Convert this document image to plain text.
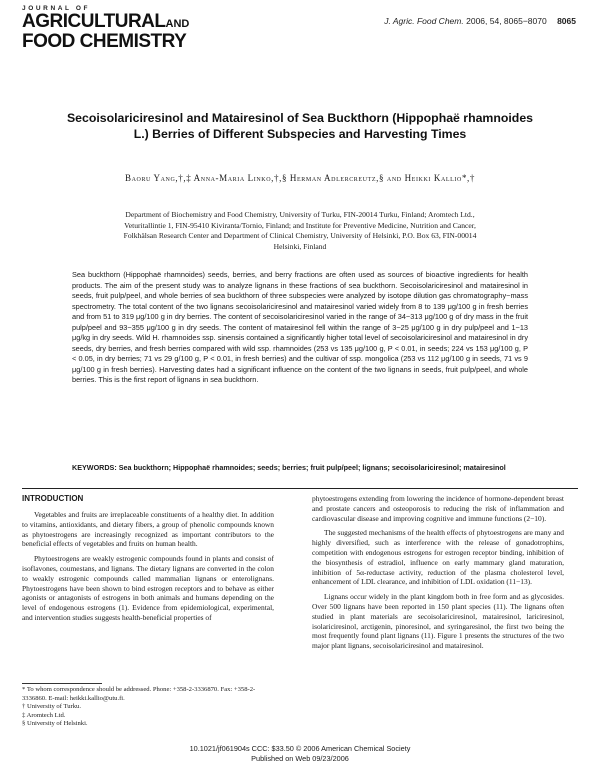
JOURNAL OF
AGRICULTURALAND
FOOD CHEMISTRY
J. Agric. Food Chem. 2006, 54, 8065−8070 8065
Secoisolariciresinol and Matairesinol of Sea Buckthorn (Hippophaë rhamnoides L.) Berries of Different Subspecies and Harvesting Times
Baoru Yang,†,‡ Anna-Maria Linko,†,§ Herman Adlercreutz,§ and Heikki Kallio*,†
Department of Biochemistry and Food Chemistry, University of Turku, FIN-20014 Turku, Finland; Aromtech Ltd., Veturitallintie 1, FIN-95410 Kiviranta/Tornio, Finland; and Institute for Preventive Medicine, Nutrition and Cancer, Folkhälsan Research Center and Department of Clinical Chemistry, University of Helsinki, P.O. Box 63, FIN-00014 Helsinki, Finland
Sea buckthorn (Hippophaë rhamnoides) seeds, berries, and berry fractions are often used as sources of bioactive ingredients for health products. The aim of the present study was to analyze lignans in these fractions of sea buckthorn. Secoisolariciresinol and matairesinol in seeds, fruit pulp/peel, and whole berries of sea buckthorn of three subspecies were analyzed by isotope dilution gas chromatography−mass spectrometry. The total content of the two lignans secoisolariciresinol and matairesinol varied widely from 8 to 139 μg/100 g in fresh berries and from 51 to 319 μg/100 g in dry berries. The content of secoisolariciresinol varied in the range of 34−313 μg/100 g of dry mass in the fruit pulp/peel and 93−355 μg/100 g in dry seeds. The content of matairesinol fell within the range of 3−25 μg/100 g in dry pulp/peel and 1−13 μg/kg in dry seeds. Wild H. rhamnoides ssp. sinensis contained a significantly higher total level of secoisolariciresinol and matairesinol in dry seeds, dry berries, and fresh berries compared with wild ssp. rhamnoides (253 vs 135 μg/100 g, P < 0.01, in seeds; 224 vs 153 μg/100 g, P < 0.05, in dry berries; 71 vs 29 g/100 g, P < 0.01, in fresh berries) and the cultivar of ssp. mongolica (253 vs 112 μg/100 g in seeds, 71 vs 9 μg/100 g in fresh berries). Harvesting dates had a significant influence on the content of the two lignans in seeds, fruit pulp/peel, and whole berries. This is the first report of lignans in sea buckthorn.
KEYWORDS: Sea buckthorn; Hippophaë rhamnoides; seeds; berries; fruit pulp/peel; lignans; secoisolariciresinol; matairesinol
INTRODUCTION

Vegetables and fruits are irreplaceable constituents of a healthy diet. In addition to vitamins, antioxidants, and dietary fibers, a group of phenolic compounds known as phytoestrogens are increasingly recognized as important contributors to the beneficial effects of vegetables and fruits on human health.

Phytoestrogens are weakly estrogenic compounds found in plants and consist of isoflavones, coumestans, and lignans. The dietary lignans are converted in the colon to weakly estrogenic compounds called mammalian lignans or enterolignans. Phytoestrogens have been shown to bind estrogen receptors and to behave as either agonists or antagonists of estrogens in both animals and humans depending on the level of endogenous estrogens (1). Evidence from epidemiological, experimental, and intervention studies suggests health-beneficial properties of

phytoestrogens extending from lowering the incidence of hormone-dependent breast and prostate cancers and osteoporosis to reducing the risk of inflammation and cardiovascular disease and improving cognitive and immune functions (2−10).

The suggested mechanisms of the health effects of phytoestrogens are many and highly diversified, such as interference with the release of gonadotrophins, competition with endogenous estrogens for estrogen receptor binding, inhibition of the biosynthesis of estradiol, influence on early mammary gland maturation, inhibition of 5α-reductase activity, reduction of the plasma cholesterol level, enhancement of LDL clearance, and inhibition of LDL oxidation (11−13).

Lignans occur widely in the plant kingdom both in free form and as glycosides. Over 500 lignans have been reported in 150 plant species (11). The lignans often studied in plant materials are secoisolariciresinol, matairesinol, lariciresinol, isolariciresinol, arctigenin, pinoresinol, and syringaresinol, the first two being the most frequently found plant lignans (11). Figure 1 presents the structures of the two major plant lignans, secoisolariciresinol and matairesinol.

* To whom correspondence should be addressed. Phone: +358-2-3336870. Fax: +358-2-3336860. E-mail: heikki.kallio@utu.fi.
† University of Turku.
‡ Aromtech Ltd.
§ University of Helsinki.
10.1021/jf061904s CCC: $33.50 © 2006 American Chemical Society
Published on Web 09/23/2006
